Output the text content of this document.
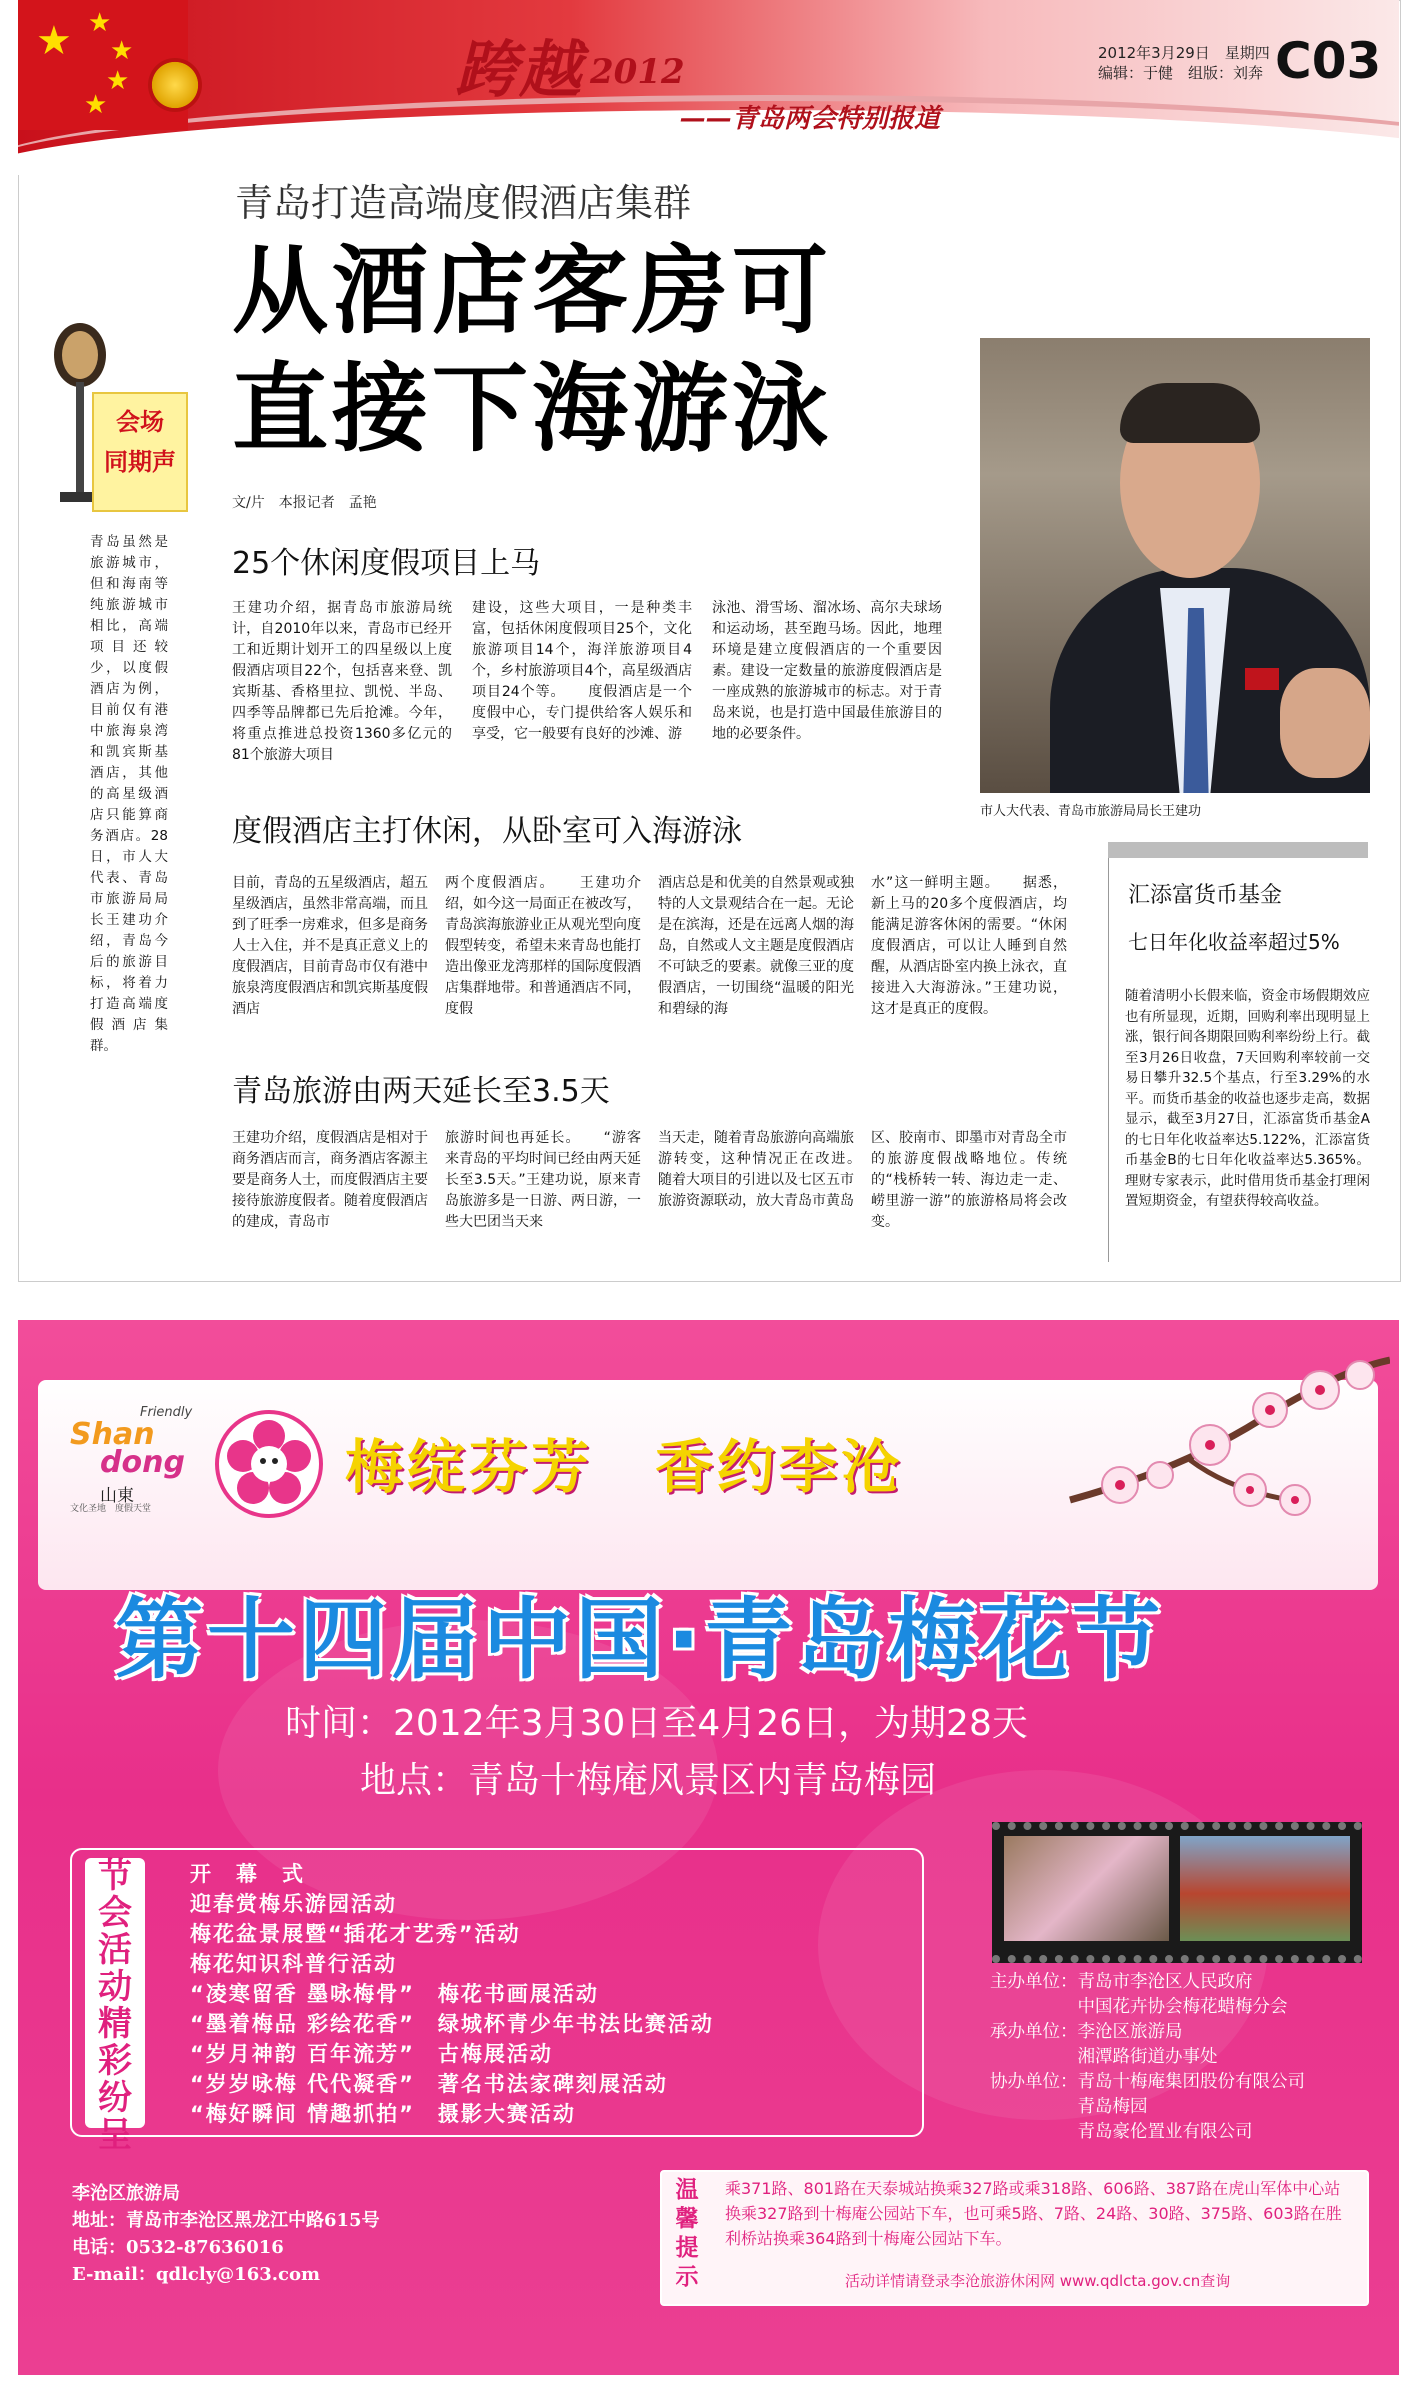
★ ★
★
★
★	跨越 2012
——青岛两会特别报道
2012年3月29日　星期四
编辑：于健　组版：刘奔 C03
青岛打造高端度假酒店集群
从酒店客房可
直接下海游泳
文/片　本报记者　孟艳
会场
同期声
青岛虽然是旅游城市，但和海南等纯旅游城市相比，高端项目还较少，以度假酒店为例，目前仅有港中旅海泉湾和凯宾斯基酒店，其他的高星级酒店只能算商务酒店。28日，市人大代表、青岛市旅游局局长王建功介绍，青岛今后的旅游目标，将着力打造高端度假酒店集群。
25个休闲度假项目上马
王建功介绍，据青岛市旅游局统计，自2010年以来，青岛市已经开工和近期计划开工的四星级以上度假酒店项目22个，包括喜来登、凯宾斯基、香格里拉、凯悦、半岛、四季等品牌都已先后抢滩。今年，将重点推进总投资1360多亿元的81个旅游大项目
建设，这些大项目，一是种类丰富，包括休闲度假项目25个，文化旅游项目14个，海洋旅游项目4个，乡村旅游项目4个，高星级酒店项目24个等。　　度假酒店是一个度假中心，专门提供给客人娱乐和享受，它一般要有良好的沙滩、游
泳池、滑雪场、溜冰场、高尔夫球场和运动场，甚至跑马场。因此，地理环境是建立度假酒店的一个重要因素。建设一定数量的旅游度假酒店是一座成熟的旅游城市的标志。对于青岛来说，也是打造中国最佳旅游目的地的必要条件。
市人大代表、青岛市旅游局局长王建功
度假酒店主打休闲，从卧室可入海游泳
目前，青岛的五星级酒店，超五星级酒店，虽然非常高端，而且到了旺季一房难求，但多是商务人士入住，并不是真正意义上的度假酒店，目前青岛市仅有港中旅泉湾度假酒店和凯宾斯基度假酒店
两个度假酒店。　　王建功介绍，如今这一局面正在被改写，青岛滨海旅游业正从观光型向度假型转变，希望未来青岛也能打造出像亚龙湾那样的国际度假酒店集群地带。和普通酒店不同，度假
酒店总是和优美的自然景观或独特的人文景观结合在一起。无论是在滨海，还是在远离人烟的海岛，自然或人文主题是度假酒店不可缺乏的要素。就像三亚的度假酒店，一切围绕“温暖的阳光和碧绿的海
水”这一鲜明主题。　　据悉，新上马的20多个度假酒店，均能满足游客休闲的需要。“休闲度假酒店，可以让人睡到自然醒，从酒店卧室内换上泳衣，直接进入大海游泳。”王建功说，这才是真正的度假。
青岛旅游由两天延长至3.5天
王建功介绍，度假酒店是相对于商务酒店而言，商务酒店客源主要是商务人士，而度假酒店主要接待旅游度假者。随着度假酒店的建成，青岛市
旅游时间也再延长。　　“游客来青岛的平均时间已经由两天延长至3.5天。”王建功说，原来青岛旅游多是一日游、两日游，一些大巴团当天来
当天走，随着青岛旅游向高端旅游转变，这种情况正在改进。　　随着大项目的引进以及七区五市旅游资源联动，放大青岛市黄岛
区、胶南市、即墨市对青岛全市的旅游度假战略地位。传统的“栈桥转一转、海边走一走、崂里游一游”的旅游格局将会改变。
汇添富货币基金
七日年化收益率超过5%
随着清明小长假来临，资金市场假期效应也有所显现，近期，回购利率出现明显上涨，银行间各期限回购利率纷纷上行。截至3月26日收盘，7天回购利率较前一交易日攀升32.5个基点，行至3.29%的水平。而货币基金的收益也逐步走高，数据显示，截至3月27日，汇添富货币基金A的七日年化收益率达5.122%，汇添富货币基金B的七日年化收益率达5.365%。理财专家表示，此时借用货币基金打理闲置短期资金，有望获得较高收益。
Friendly
Shan
dong
山東
文化圣地　度假天堂
梅绽芬芳　香约李沧
第十四届中国·青岛梅花节
时间：2012年3月30日至4月26日，为期28天
地点：青岛十梅庵风景区内青岛梅园
节会活动精彩纷呈
开　幕　式
迎春赏梅乐游园活动
梅花盆景展暨“插花才艺秀”活动
梅花知识科普行活动
“凌寒留香 墨咏梅骨”　梅花书画展活动
“墨着梅品 彩绘花香”　绿城杯青少年书法比赛活动
“岁月神韵 百年流芳”　古梅展活动
“岁岁咏梅 代代凝香”　著名书法家碑刻展活动
“梅好瞬间 情趣抓拍”　摄影大赛活动
主办单位：青岛市李沧区人民政府
　　　　　中国花卉协会梅花蜡梅分会
承办单位：李沧区旅游局
　　　　　湘潭路街道办事处
协办单位：青岛十梅庵集团股份有限公司
　　　　　青岛梅园
　　　　　青岛豪伦置业有限公司
李沧区旅游局
地址：青岛市李沧区黑龙江中路615号
电话：0532-87636016
E-mail：qdlcly@163.com
温馨提示
乘371路、801路在天泰城站换乘327路或乘318路、606路、387路在虎山军体中心站换乘327路到十梅庵公园站下车，也可乘5路、7路、24路、30路、375路、603路在胜利桥站换乘364路到十梅庵公园站下车。
活动详情请登录李沧旅游休闲网 www.qdlcta.gov.cn查询
